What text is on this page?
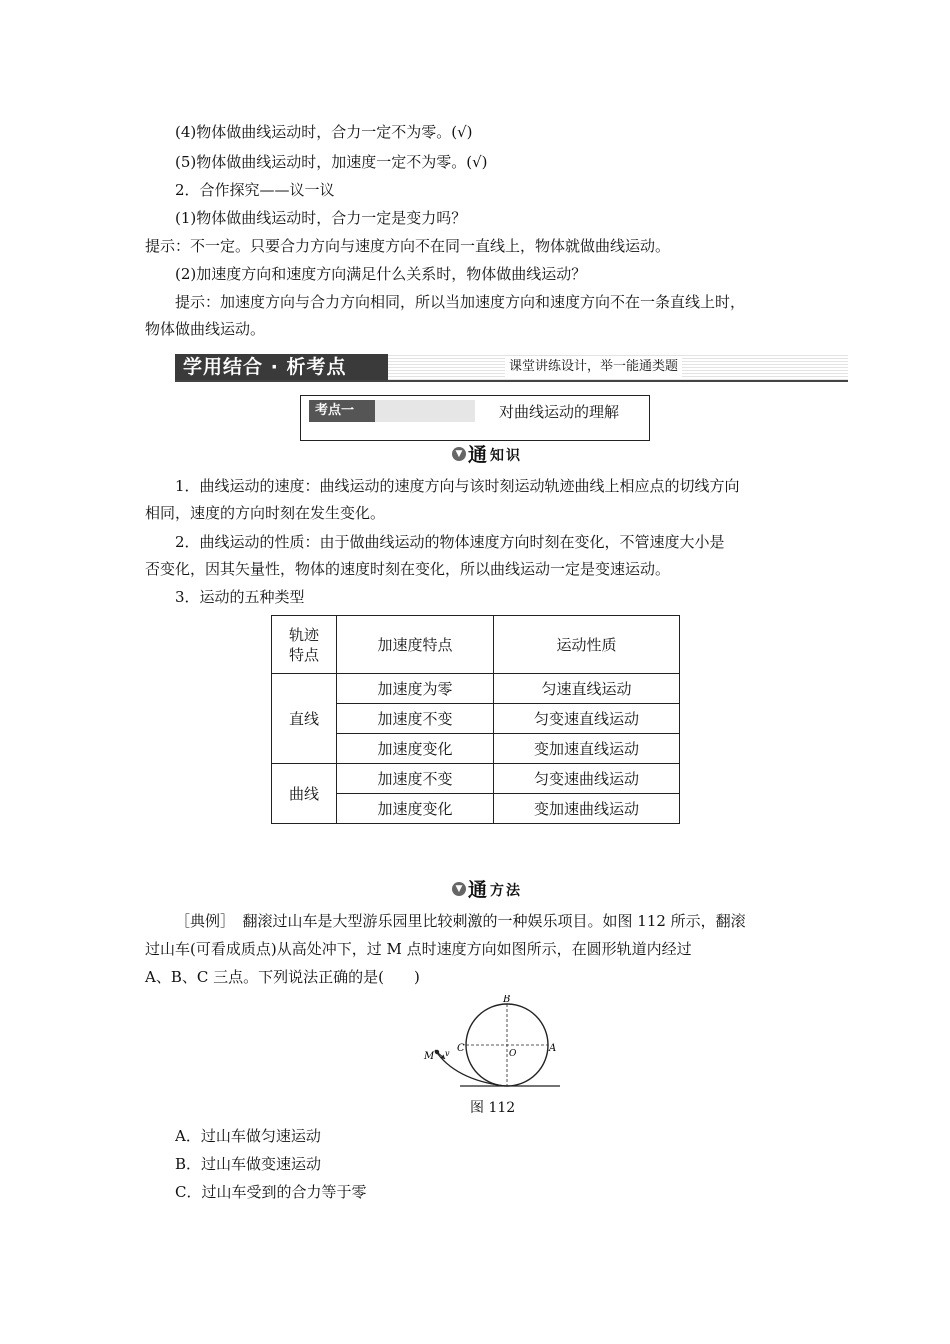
(4)物体做曲线运动时，合力一定不为零。(√)
(5)物体做曲线运动时，加速度一定不为零。(√)
2．合作探究——议一议
(1)物体做曲线运动时，合力一定是变力吗？
提示：不一定。只要合力方向与速度方向不在同一直线上，物体就做曲线运动。
(2)加速度方向和速度方向满足什么关系时，物体做曲线运动？
提示：加速度方向与合力方向相同，所以当加速度方向和速度方向不在一条直线上时，
物体做曲线运动。
学用结合 · 析考点	课堂讲练设计，举一能通类题
考点一	对曲线运动的理解
▼ 通 知识
1．曲线运动的速度：曲线运动的速度方向与该时刻运动轨迹曲线上相应点的切线方向
相同，速度的方向时刻在发生变化。
2．曲线运动的性质：由于做曲线运动的物体速度方向时刻在变化，不管速度大小是
否变化，因其矢量性，物体的速度时刻在变化，所以曲线运动一定是变速运动。
3．运动的五种类型
轨迹
特点	加速度特点	运动性质
直线	加速度为零	匀速直线运动
	加速度不变	匀变速直线运动
	加速度变化	变加速直线运动
曲线	加速度不变	匀变速曲线运动
	加速度变化	变加速曲线运动
▼ 通 方法
［典例］　翻滚过山车是大型游乐园里比较刺激的一种娱乐项目。如图 112 所示，翻滚
过山车(可看成质点)从高处冲下，过 M 点时速度方向如图所示，在圆形轨道内经过
A、B、C 三点。下列说法正确的是(　　)
B
C	A
O
M v
图 112
A．过山车做匀速运动
B．过山车做变速运动
C．过山车受到的合力等于零
